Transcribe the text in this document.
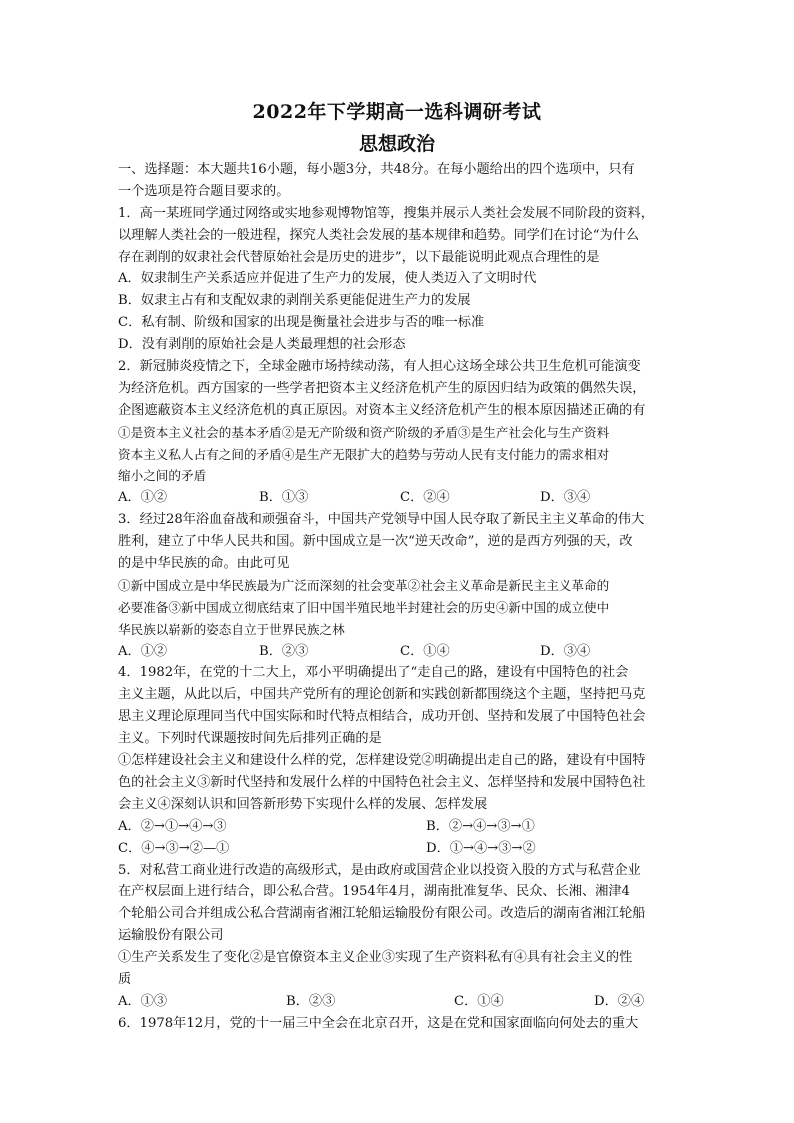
2022年下学期高一选科调研考试
思想政治
一、选择题：本大题共16小题，每小题3分，共48分。在每小题给出的四个选项中，只有
一个选项是符合题目要求的。
1．高一某班同学通过网络或实地参观博物馆等，搜集并展示人类社会发展不同阶段的资料，
以理解人类社会的一般进程，探究人类社会发展的基本规律和趋势。同学们在讨论“为什么
存在剥削的奴隶社会代替原始社会是历史的进步”，以下最能说明此观点合理性的是
A．奴隶制生产关系适应并促进了生产力的发展，使人类迈入了文明时代
B．奴隶主占有和支配奴隶的剥削关系更能促进生产力的发展
C．私有制、阶级和国家的出现是衡量社会进步与否的唯一标准
D．没有剥削的原始社会是人类最理想的社会形态
2．新冠肺炎疫情之下，全球金融市场持续动荡，有人担心这场全球公共卫生危机可能演变
为经济危机。西方国家的一些学者把资本主义经济危机产生的原因归结为政策的偶然失误，
企图遮蔽资本主义经济危机的真正原因。对资本主义经济危机产生的根本原因描述正确的有
①是资本主义社会的基本矛盾②是无产阶级和资产阶级的矛盾③是生产社会化与生产资料
资本主义私人占有之间的矛盾④是生产无限扩大的趋势与劳动人民有支付能力的需求相对
缩小之间的矛盾
A．①②	B．①③	C．②④	D．③④
3．经过28年浴血奋战和顽强奋斗，中国共产党领导中国人民夺取了新民主主义革命的伟大
胜利，建立了中华人民共和国。新中国成立是一次“逆天改命”，逆的是西方列强的天，改
的是中华民族的命。由此可见
①新中国成立是中华民族最为广泛而深刻的社会变革②社会主义革命是新民主主义革命的
必要准备③新中国成立彻底结束了旧中国半殖民地半封建社会的历史④新中国的成立使中
华民族以崭新的姿态自立于世界民族之林
A．①②	B．②③	C．①④	D．③④
4．1982年，在党的十二大上，邓小平明确提出了“走自己的路，建设有中国特色的社会
主义主题，从此以后，中国共产党所有的理论创新和实践创新都围绕这个主题，坚持把马克
思主义理论原理同当代中国实际和时代特点相结合，成功开创、坚持和发展了中国特色社会
主义。下列时代课题按时间先后排列正确的是
①怎样建设社会主义和建设什么样的党，怎样建设党②明确提出走自己的路，建设有中国特
色的社会主义③新时代坚持和发展什么样的中国特色社会主义、怎样坚持和发展中国特色社
会主义④深刻认识和回答新形势下实现什么样的发展、怎样发展
A．②→①→④→③	B．②→④→③→①
C．④→③→②—①	D．①→④→③→②
5．对私营工商业进行改造的高级形式，是由政府或国营企业以投资入股的方式与私营企业
在产权层面上进行结合，即公私合营。1954年4月，湖南批准复华、民众、长湘、湘津4
个轮船公司合并组成公私合营湖南省湘江轮船运输股份有限公司。改造后的湖南省湘江轮船
运输股份有限公司
①生产关系发生了变化②是官僚资本主义企业③实现了生产资料私有④具有社会主义的性
质
A．①③	B．②③	C．①④	D．②④
6．1978年12月，党的十一届三中全会在北京召开，这是在党和国家面临向何处去的重大
